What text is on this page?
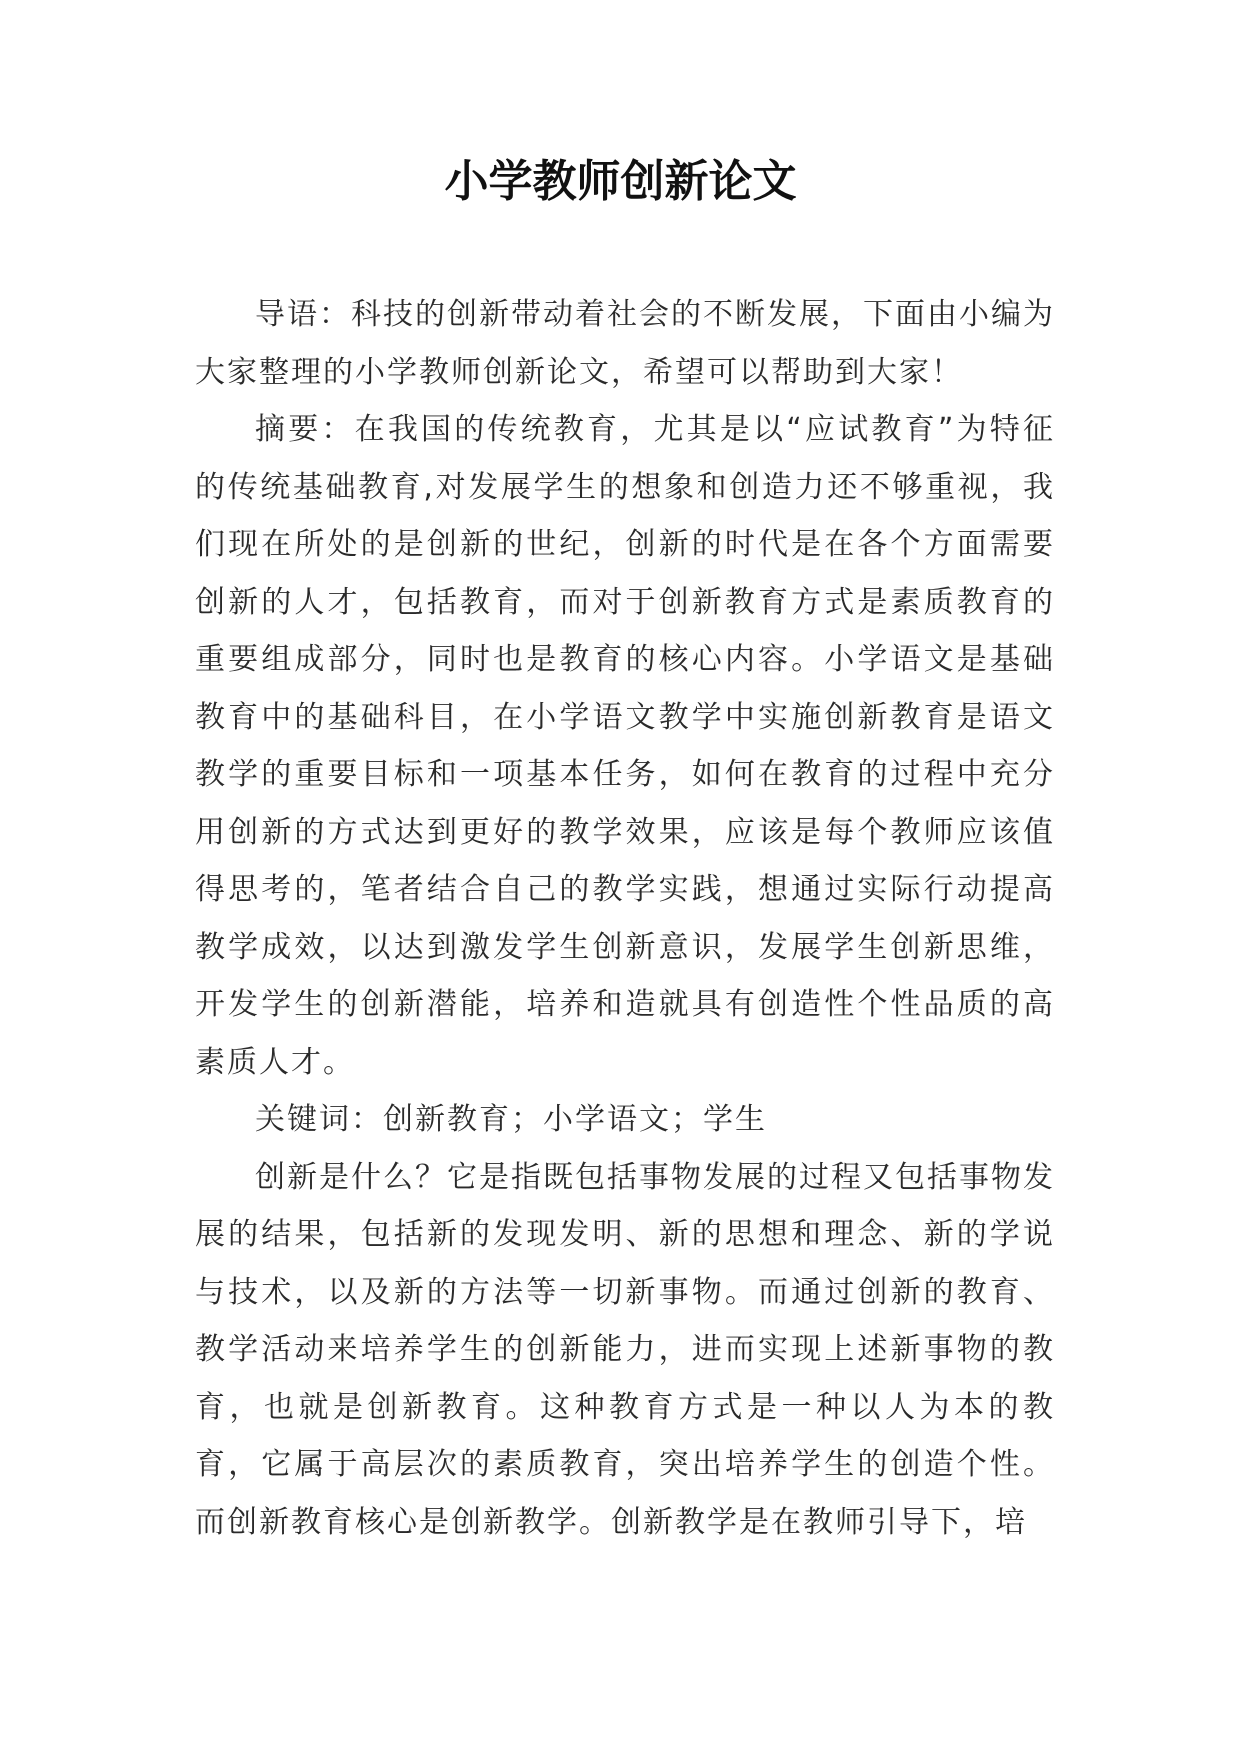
小学教师创新论文

导语：科技的创新带动着社会的不断发展，下面由小编为大家整理的小学教师创新论文，希望可以帮助到大家！

摘要：在我国的传统教育，尤其是以“应试教育”为特征的传统基础教育,对发展学生的想象和创造力还不够重视，我们现在所处的是创新的世纪，创新的时代是在各个方面需要创新的人才，包括教育，而对于创新教育方式是素质教育的重要组成部分，同时也是教育的核心内容。小学语文是基础教育中的基础科目，在小学语文教学中实施创新教育是语文教学的重要目标和一项基本任务，如何在教育的过程中充分用创新的方式达到更好的教学效果，应该是每个教师应该值得思考的，笔者结合自己的教学实践，想通过实际行动提高教学成效，以达到激发学生创新意识，发展学生创新思维，开发学生的创新潜能，培养和造就具有创造性个性品质的高素质人才。

关键词：创新教育；小学语文；学生

创新是什么？它是指既包括事物发展的过程又包括事物发展的结果，包括新的发现发明、新的思想和理念、新的学说与技术，以及新的方法等一切新事物。而通过创新的教育、教学活动来培养学生的创新能力，进而实现上述新事物的教育，也就是创新教育。这种教育方式是一种以人为本的教育，它属于高层次的素质教育，突出培养学生的创造个性。而创新教育核心是创新教学。创新教学是在教师引导下，培
